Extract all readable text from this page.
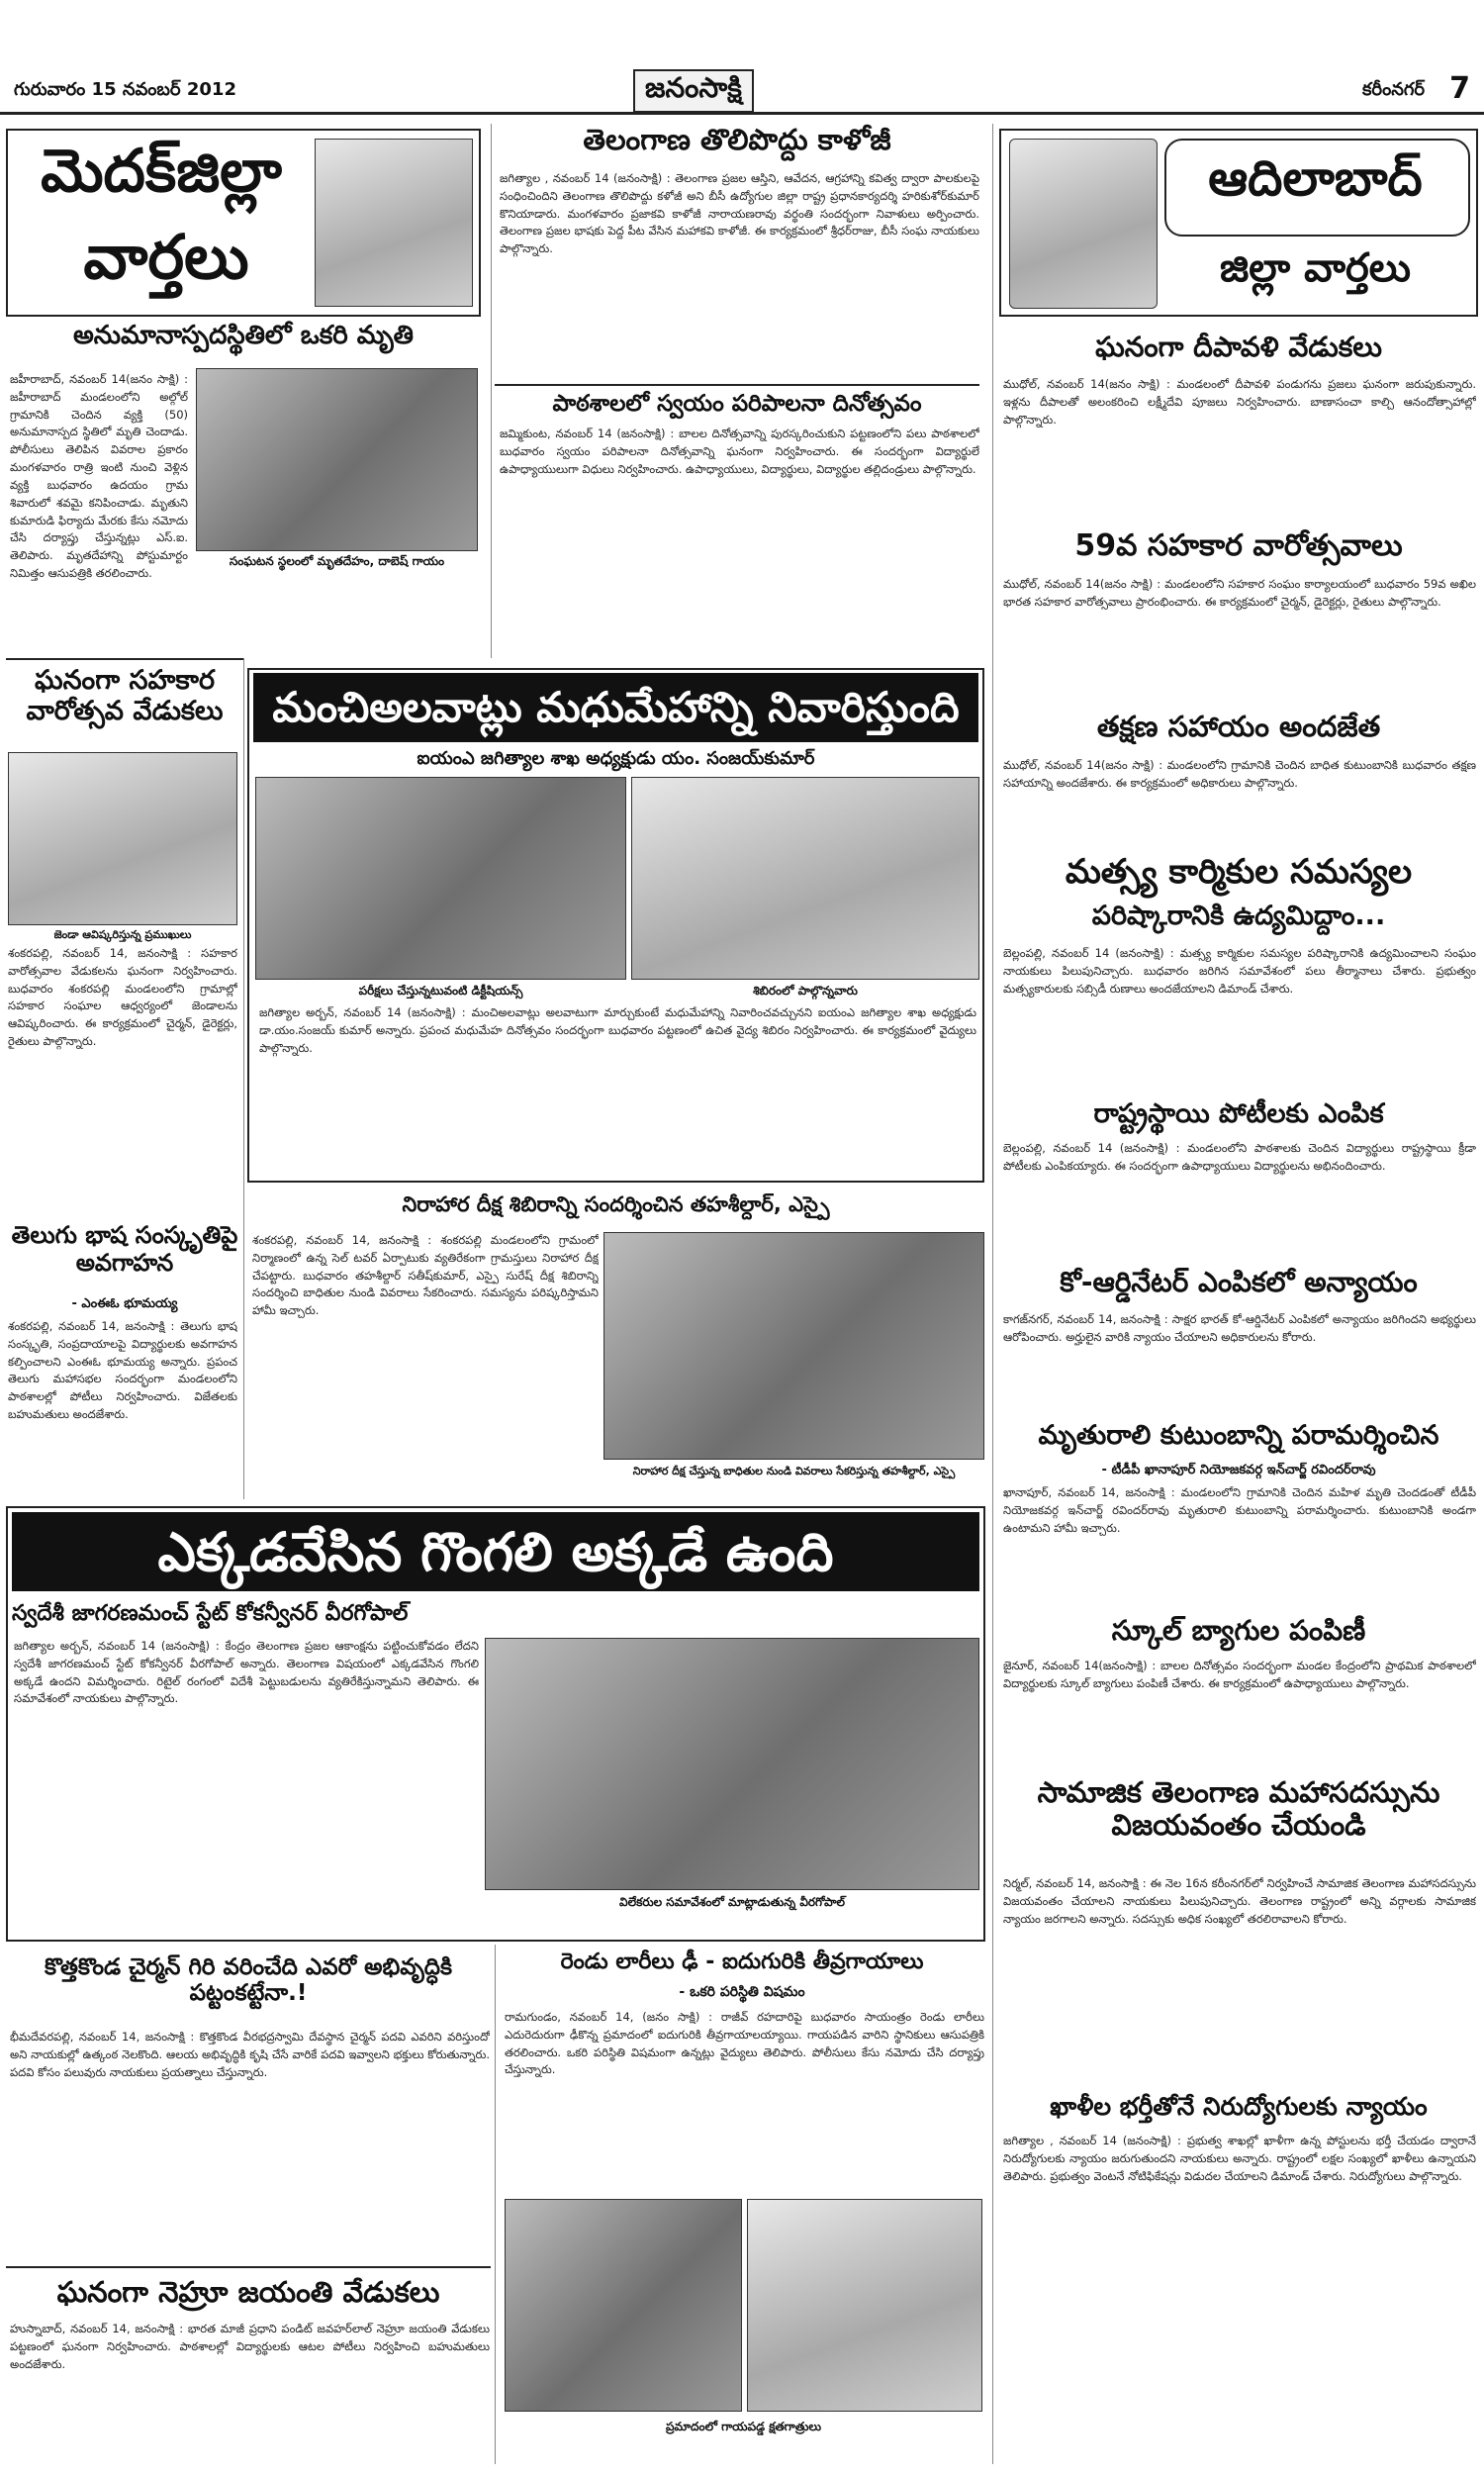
గురువారం 15 నవంబర్ 2012	జనంసాక్షి	కరీంనగర్ 7
మెదక్‌జిల్లా
వార్తలు
అనుమానాస్పదస్థితిలో ఒకరి మృతి
జహీరాబాద్, నవంబర్ 14(జనం సాక్షి) : జహీరాబాద్ మండలంలోని అల్గోల్ గ్రామానికి చెందిన వ్యక్తి (50) అనుమానాస్పద స్థితిలో మృతి చెందాడు. పోలీసులు తెలిపిన వివరాల ప్రకారం మంగళవారం రాత్రి ఇంటి నుంచి వెళ్లిన వ్యక్తి బుధవారం ఉదయం గ్రామ శివారులో శవమై కనిపించాడు. మృతుని కుమారుడి ఫిర్యాదు మేరకు కేసు నమోదు చేసి దర్యాప్తు చేస్తున్నట్లు ఎస్.ఐ. తెలిపారు. మృతదేహాన్ని పోస్టుమార్టం నిమిత్తం ఆసుపత్రికి తరలించారు.
సంఘటన స్థలంలో మృతదేహం, దాబెష్ గాయం
ఘనంగా సహకార వారోత్సవ వేడుకలు
జెండా ఆవిష్కరిస్తున్న ప్రముఖులు
శంకరపల్లి, నవంబర్ 14, జనంసాక్షి : సహకార వారోత్సవాల వేడుకలను ఘనంగా నిర్వహించారు. బుధవారం శంకరపల్లి మండలంలోని గ్రామాల్లో సహకార సంఘాల ఆధ్వర్యంలో జెండాలను ఆవిష్కరించారు. ఈ కార్యక్రమంలో చైర్మన్, డైరెక్టర్లు, రైతులు పాల్గొన్నారు.
తెలుగు భాష సంస్కృతిపై అవగాహన
- ఎంఈఓ భూమయ్య
శంకరపల్లి, నవంబర్ 14, జనంసాక్షి : తెలుగు భాష సంస్కృతి, సంప్రదాయాలపై విద్యార్థులకు అవగాహన కల్పించాలని ఎంఈఓ భూమయ్య అన్నారు. ప్రపంచ తెలుగు మహాసభల సందర్భంగా మండలంలోని పాఠశాలల్లో పోటీలు నిర్వహించారు. విజేతలకు బహుమతులు అందజేశారు.
తెలంగాణ తొలిపొద్దు కాళోజీ
జగిత్యాల , నవంబర్ 14 (జనంసాక్షి) : తెలంగాణ ప్రజల ఆస్తిని, ఆవేదన, ఆగ్రహాన్ని కవిత్వ ద్వారా పాలకులపై సంధించిందిని తెలంగాణ తొలిపొద్దు కళోజీ అని బీసీ ఉద్యోగుల జిల్లా రాష్ట్ర ప్రధానకార్యదర్శి హరికుశోర్‌కుమార్ కొనియాడారు. మంగళవారం ప్రజాకవి కాళోజీ నారాయణరావు వర్థంతి సందర్భంగా నివాళులు అర్పించారు. తెలంగాణ ప్రజల భాషకు పెద్ద పీట వేసిన మహాకవి కాళోజీ. ఈ కార్యక్రమంలో శ్రీధర్‌రాజు, బీసీ సంఘ నాయకులు పాల్గొన్నారు.
పాఠశాలలో స్వయం పరిపాలనా దినోత్సవం
జమ్మికుంట, నవంబర్ 14 (జనంసాక్షి) : బాలల దినోత్సవాన్ని పురస్కరించుకుని పట్టణంలోని పలు పాఠశాలలో బుధవారం స్వయం పరిపాలనా దినోత్సవాన్ని ఘనంగా నిర్వహించారు. ఈ సందర్భంగా విద్యార్థులే ఉపాధ్యాయులుగా విధులు నిర్వహించారు. ఉపాధ్యాయులు, విద్యార్థులు, విద్యార్థుల తల్లిదండ్రులు పాల్గొన్నారు.
మంచిఅలవాట్లు మధుమేహాన్ని నివారిస్తుంది
ఐయంఎ జగిత్యాల శాఖ అధ్యక్షుడు యం. సంజయ్‌కుమార్
పరీక్షలు చేస్తున్నటువంటి డిక్టీషియన్స్	శిబిరంలో పాల్గొన్నవారు
జగిత్యాల అర్బన్, నవంబర్ 14 (జనంసాక్షి) : మంచిఅలవాట్లు అలవాటుగా మార్చుకుంటే మధుమేహాన్ని నివారించవచ్చునని ఐయంఎ జగిత్యాల శాఖ అధ్యక్షుడు డా.యం.సంజయ్ కుమార్ అన్నారు. ప్రపంచ మధుమేహ దినోత్సవం సందర్భంగా బుధవారం పట్టణంలో ఉచిత వైద్య శిబిరం నిర్వహించారు. ఈ కార్యక్రమంలో వైద్యులు పాల్గొన్నారు.
నిరాహార దీక్ష శిబిరాన్ని సందర్శించిన తహశీల్దార్, ఎస్పై
శంకరపల్లి, నవంబర్ 14, జనంసాక్షి : శంకరపల్లి మండలంలోని గ్రామంలో నిర్మాణంలో ఉన్న సెల్ టవర్ ఏర్పాటుకు వ్యతిరేకంగా గ్రామస్తులు నిరాహార దీక్ష చేపట్టారు. బుధవారం తహశీల్దార్ సతీష్‌కుమార్, ఎస్పై సురేష్ దీక్ష శిబిరాన్ని సందర్శించి బాధితుల నుండి వివరాలు సేకరించారు. సమస్యను పరిష్కరిస్తామని హామీ ఇచ్చారు.
నిరాహార దీక్ష చేస్తున్న బాధితుల నుండి వివరాలు సేకరిస్తున్న తహశీల్దార్, ఎస్పై
ఎక్కడవేసిన గొంగలి అక్కడే ఉంది
స్వదేశీ జాగరణమంచ్ స్టేట్ కోకన్వీనర్ వీరగోపాల్
జగిత్యాల అర్బన్, నవంబర్ 14 (జనంసాక్షి) : కేంద్రం తెలంగాణ ప్రజల ఆకాంక్షను పట్టించుకోవడం లేదని స్వదేశీ జాగరణమంచ్ స్టేట్ కోకన్వీనర్ వీరగోపాల్ అన్నారు. తెలంగాణ విషయంలో ఎక్కడవేసిన గొంగలి అక్కడే ఉందని విమర్శించారు. రిటైల్ రంగంలో విదేశీ పెట్టుబడులను వ్యతిరేకిస్తున్నామని తెలిపారు. ఈ సమావేశంలో నాయకులు పాల్గొన్నారు.
విలేకరుల సమావేశంలో మాట్లాడుతున్న వీరగోపాల్
కొత్తకొండ చైర్మన్ గిరి వరించేది ఎవరో అభివృద్ధికి పట్టంకట్టేనా.!
భీమదేవరపల్లి, నవంబర్ 14, జనంసాక్షి : కొత్తకొండ వీరభద్రస్వామి దేవస్థాన చైర్మన్ పదవి ఎవరిని వరిస్తుందో అని నాయకుల్లో ఉత్కంఠ నెలకొంది. ఆలయ అభివృద్ధికి కృషి చేసే వారికే పదవి ఇవ్వాలని భక్తులు కోరుతున్నారు. పదవి కోసం పలువురు నాయకులు ప్రయత్నాలు చేస్తున్నారు.
ఘనంగా నెహ్రూ జయంతి వేడుకలు
హుస్నాబాద్, నవంబర్ 14, జనంసాక్షి : భారత మాజీ ప్రధాని పండిట్ జవహర్‌లాల్ నెహ్రూ జయంతి వేడుకలు పట్టణంలో ఘనంగా నిర్వహించారు. పాఠశాలల్లో విద్యార్థులకు ఆటల పోటీలు నిర్వహించి బహుమతులు అందజేశారు.
రెండు లారీలు ఢీ - ఐదుగురికి తీవ్రగాయాలు
- ఒకరి పరిస్థితి విషమం
రామగుండం, నవంబర్ 14, (జనం సాక్షి) : రాజీవ్ రహదారిపై బుధవారం సాయంత్రం రెండు లారీలు ఎదురెదురుగా ఢీకొన్న ప్రమాదంలో ఐదుగురికి తీవ్రగాయాలయ్యాయి. గాయపడిన వారిని స్థానికులు ఆసుపత్రికి తరలించారు. ఒకరి పరిస్థితి విషమంగా ఉన్నట్లు వైద్యులు తెలిపారు. పోలీసులు కేసు నమోదు చేసి దర్యాప్తు చేస్తున్నారు.
ప్రమాదంలో గాయపడ్డ క్షతగాత్రులు
ఆదిలాబాద్
జిల్లా వార్తలు
ఘనంగా దీపావళి వేడుకలు
ముధోల్, నవంబర్ 14(జనం సాక్షి) : మండలంలో దీపావళి పండుగను ప్రజలు ఘనంగా జరుపుకున్నారు. ఇళ్లను దీపాలతో అలంకరించి లక్ష్మీదేవి పూజలు నిర్వహించారు. బాణాసంచా కాల్చి ఆనందోత్సాహాల్లో పాల్గొన్నారు.
59వ సహకార వారోత్సవాలు
ముధోల్, నవంబర్ 14(జనం సాక్షి) : మండలంలోని సహకార సంఘం కార్యాలయంలో బుధవారం 59వ అఖిల భారత సహకార వారోత్సవాలు ప్రారంభించారు. ఈ కార్యక్రమంలో చైర్మన్, డైరెక్టర్లు, రైతులు పాల్గొన్నారు.
తక్షణ సహాయం అందజేత
ముధోల్, నవంబర్ 14(జనం సాక్షి) : మండలంలోని గ్రామానికి చెందిన బాధిత కుటుంబానికి బుధవారం తక్షణ సహాయాన్ని అందజేశారు. ఈ కార్యక్రమంలో అధికారులు పాల్గొన్నారు.
మత్స్య కార్మికుల సమస్యల
పరిష్కారానికి ఉద్యమిద్దాం...
బెల్లంపల్లి, నవంబర్ 14 (జనంసాక్షి) : మత్స్య కార్మికుల సమస్యల పరిష్కారానికి ఉద్యమించాలని సంఘం నాయకులు పిలుపునిచ్చారు. బుధవారం జరిగిన సమావేశంలో పలు తీర్మానాలు చేశారు. ప్రభుత్వం మత్స్యకారులకు సబ్సిడీ రుణాలు అందజేయాలని డిమాండ్ చేశారు.
రాష్ట్రస్థాయి పోటీలకు ఎంపిక
బెల్లంపల్లి, నవంబర్ 14 (జనంసాక్షి) : మండలంలోని పాఠశాలకు చెందిన విద్యార్థులు రాష్ట్రస్థాయి క్రీడా పోటీలకు ఎంపికయ్యారు. ఈ సందర్భంగా ఉపాధ్యాయులు విద్యార్థులను అభినందించారు.
కో-ఆర్డినేటర్ ఎంపికలో అన్యాయం
కాగజ్‌నగర్, నవంబర్ 14, జనంసాక్షి : సాక్షర భారత్ కో-ఆర్డినేటర్ ఎంపికలో అన్యాయం జరిగిందని అభ్యర్థులు ఆరోపించారు. అర్హులైన వారికి న్యాయం చేయాలని అధికారులను కోరారు.
మృతురాలి కుటుంబాన్ని పరామర్శించిన
- టీడీపీ ఖానాపూర్ నియోజకవర్గ ఇన్‌చార్జ్ రవిందర్‌రావు
ఖానాపూర్, నవంబర్ 14, జనంసాక్షి : మండలంలోని గ్రామానికి చెందిన మహిళ మృతి చెందడంతో టీడీపీ నియోజకవర్గ ఇన్‌చార్జ్ రవిందర్‌రావు మృతురాలి కుటుంబాన్ని పరామర్శించారు. కుటుంబానికి అండగా ఉంటామని హామీ ఇచ్చారు.
స్కూల్ బ్యాగుల పంపిణీ
జైనూర్, నవంబర్ 14(జనంసాక్షి) : బాలల దినోత్సవం సందర్భంగా మండల కేంద్రంలోని ప్రాథమిక పాఠశాలలో విద్యార్థులకు స్కూల్ బ్యాగులు పంపిణీ చేశారు. ఈ కార్యక్రమంలో ఉపాధ్యాయులు పాల్గొన్నారు.
సామాజిక తెలంగాణ మహాసదస్సును విజయవంతం చేయండి
నిర్మల్, నవంబర్ 14, జనంసాక్షి : ఈ నెల 16న కరీంనగర్‌లో నిర్వహించే సామాజిక తెలంగాణ మహాసదస్సును విజయవంతం చేయాలని నాయకులు పిలుపునిచ్చారు. తెలంగాణ రాష్ట్రంలో అన్ని వర్గాలకు సామాజిక న్యాయం జరగాలని అన్నారు. సదస్సుకు అధిక సంఖ్యలో తరలిరావాలని కోరారు.
ఖాళీల భర్తీతోనే నిరుద్యోగులకు న్యాయం
జగిత్యాల , నవంబర్ 14 (జనంసాక్షి) : ప్రభుత్వ శాఖల్లో ఖాళీగా ఉన్న పోస్టులను భర్తీ చేయడం ద్వారానే నిరుద్యోగులకు న్యాయం జరుగుతుందని నాయకులు అన్నారు. రాష్ట్రంలో లక్షల సంఖ్యలో ఖాళీలు ఉన్నాయని తెలిపారు. ప్రభుత్వం వెంటనే నోటిఫికేషన్లు విడుదల చేయాలని డిమాండ్ చేశారు. నిరుద్యోగులు పాల్గొన్నారు.
